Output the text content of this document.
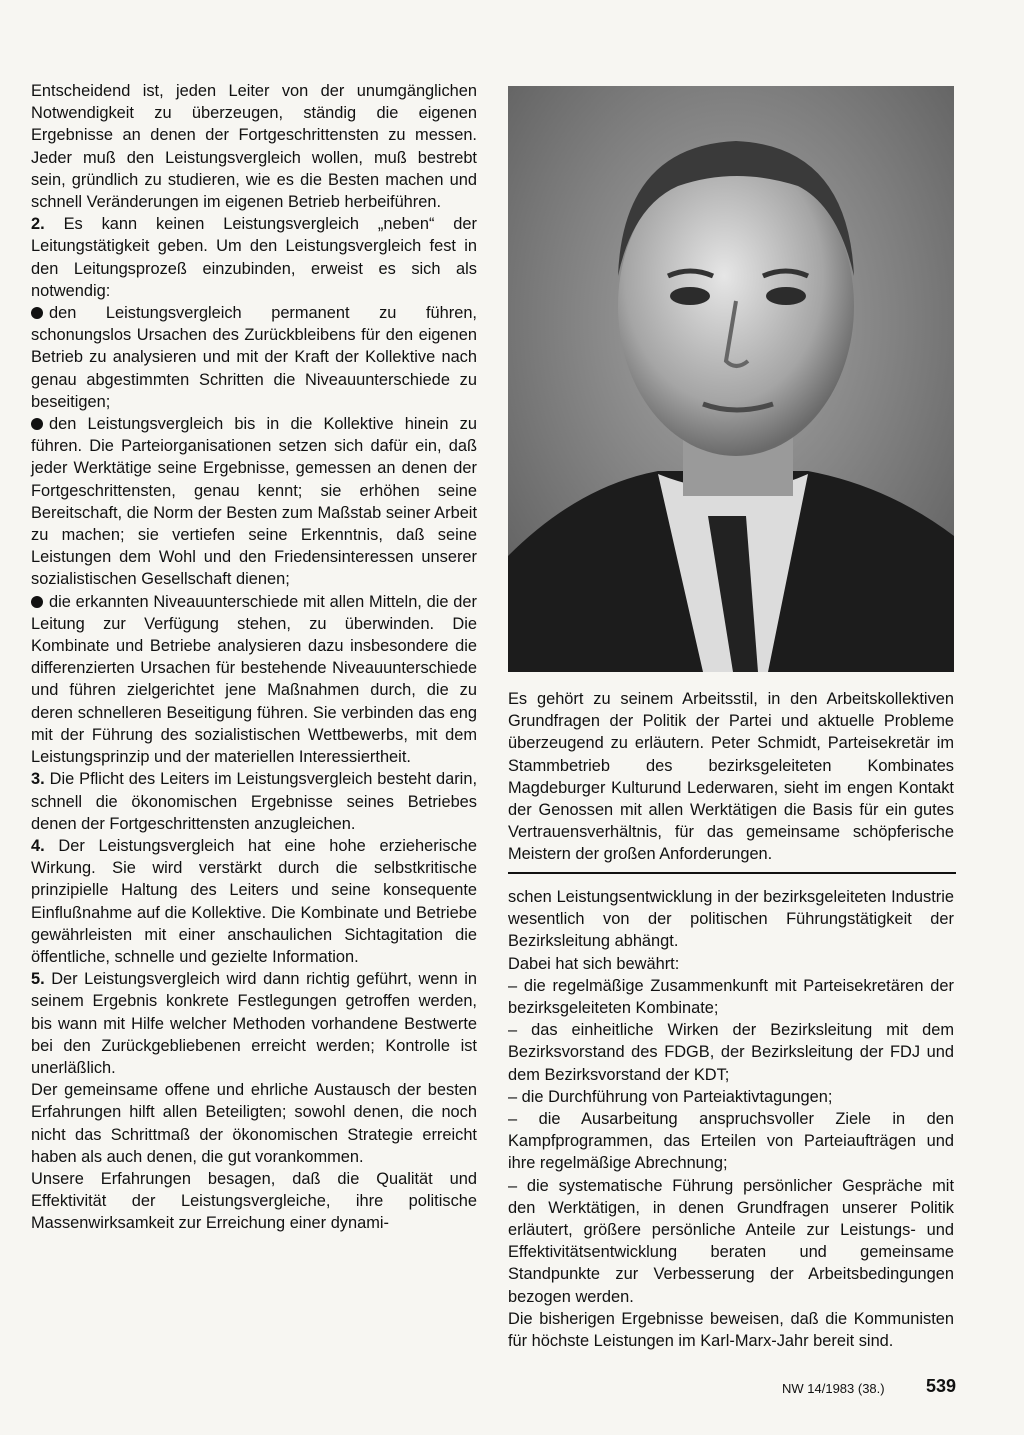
Entscheidend ist, jeden Leiter von der unumgänglichen Notwendigkeit zu überzeugen, ständig die eigenen Ergebnisse an denen der Fortgeschrittensten zu messen. Jeder muß den Leistungsvergleich wollen, muß bestrebt sein, gründlich zu studieren, wie es die Besten machen und schnell Veränderungen im eigenen Betrieb herbeiführen.

2. Es kann keinen Leistungsvergleich „neben“ der Leitungstätigkeit geben. Um den Leistungsvergleich fest in den Leitungsprozeß einzubinden, erweist es sich als notwendig:

den Leistungsvergleich permanent zu führen, schonungslos Ursachen des Zurückbleibens für den eigenen Betrieb zu analysieren und mit der Kraft der Kollektive nach genau abgestimmten Schritten die Niveauunterschiede zu beseitigen;

den Leistungsvergleich bis in die Kollektive hinein zu führen. Die Parteiorganisationen setzen sich dafür ein, daß jeder Werktätige seine Ergebnisse, gemessen an denen der Fortgeschrittensten, genau kennt; sie erhöhen seine Bereitschaft, die Norm der Besten zum Maßstab seiner Arbeit zu machen; sie vertiefen seine Erkenntnis, daß seine Leistungen dem Wohl und den Friedensinteressen unserer sozialistischen Gesellschaft dienen;

die erkannten Niveauunterschiede mit allen Mitteln, die der Leitung zur Verfügung stehen, zu überwinden. Die Kombinate und Betriebe analysieren dazu insbesondere die differenzierten Ursachen für bestehende Niveauunterschiede und führen zielgerichtet jene Maßnahmen durch, die zu deren schnelleren Beseitigung führen. Sie verbinden das eng mit der Führung des sozialistischen Wettbewerbs, mit dem Leistungsprinzip und der materiellen Interessiertheit.

3. Die Pflicht des Leiters im Leistungsvergleich besteht darin, schnell die ökonomischen Ergebnisse seines Betriebes denen der Fortgeschrittensten anzugleichen.

4. Der Leistungsvergleich hat eine hohe erzieherische Wirkung. Sie wird verstärkt durch die selbstkritische prinzipielle Haltung des Leiters und seine konsequente Einflußnahme auf die Kollektive. Die Kombinate und Betriebe gewährleisten mit einer anschaulichen Sichtagitation die öffentliche, schnelle und gezielte Information.

5. Der Leistungsvergleich wird dann richtig geführt, wenn in seinem Ergebnis konkrete Festlegungen getroffen werden, bis wann mit Hilfe welcher Methoden vorhandene Bestwerte bei den Zurückgebliebenen erreicht werden; Kontrolle ist unerläßlich.

Der gemeinsame offene und ehrliche Austausch der besten Erfahrungen hilft allen Beteiligten; sowohl denen, die noch nicht das Schrittmaß der ökonomischen Strategie erreicht haben als auch denen, die gut vorankommen.

Unsere Erfahrungen besagen, daß die Qualität und Effektivität der Leistungsvergleiche, ihre politische Massenwirksamkeit zur Erreichung einer dynami-

Es gehört zu seinem Arbeitsstil, in den Arbeitskollektiven Grundfragen der Politik der Partei und aktuelle Probleme überzeugend zu erläutern. Peter Schmidt, Parteisekretär im Stammbetrieb des bezirksgeleiteten Kombinates Magdeburger Kulturund Lederwaren, sieht im engen Kontakt der Genossen mit allen Werktätigen die Basis für ein gutes Vertrauensverhältnis, für das gemeinsame schöpferische Meistern der großen Anforderungen.

schen Leistungsentwicklung in der bezirksgeleiteten Industrie wesentlich von der politischen Führungstätigkeit der Bezirksleitung abhängt.

Dabei hat sich bewährt:

– die regelmäßige Zusammenkunft mit Parteisekretären der bezirksgeleiteten Kombinate;

– das einheitliche Wirken der Bezirksleitung mit dem Bezirksvorstand des FDGB, der Bezirksleitung der FDJ und dem Bezirksvorstand der KDT;

– die Durchführung von Parteiaktivtagungen;

– die Ausarbeitung anspruchsvoller Ziele in den Kampfprogrammen, das Erteilen von Parteiaufträgen und ihre regelmäßige Abrechnung;

– die systematische Führung persönlicher Gespräche mit den Werktätigen, in denen Grundfragen unserer Politik erläutert, größere persönliche Anteile zur Leistungs- und Effektivitätsentwicklung beraten und gemeinsame Standpunkte zur Verbesserung der Arbeitsbedingungen bezogen werden.

Die bisherigen Ergebnisse beweisen, daß die Kommunisten für höchste Leistungen im Karl-Marx-Jahr bereit sind.

NW 14/1983 (38.) 539
